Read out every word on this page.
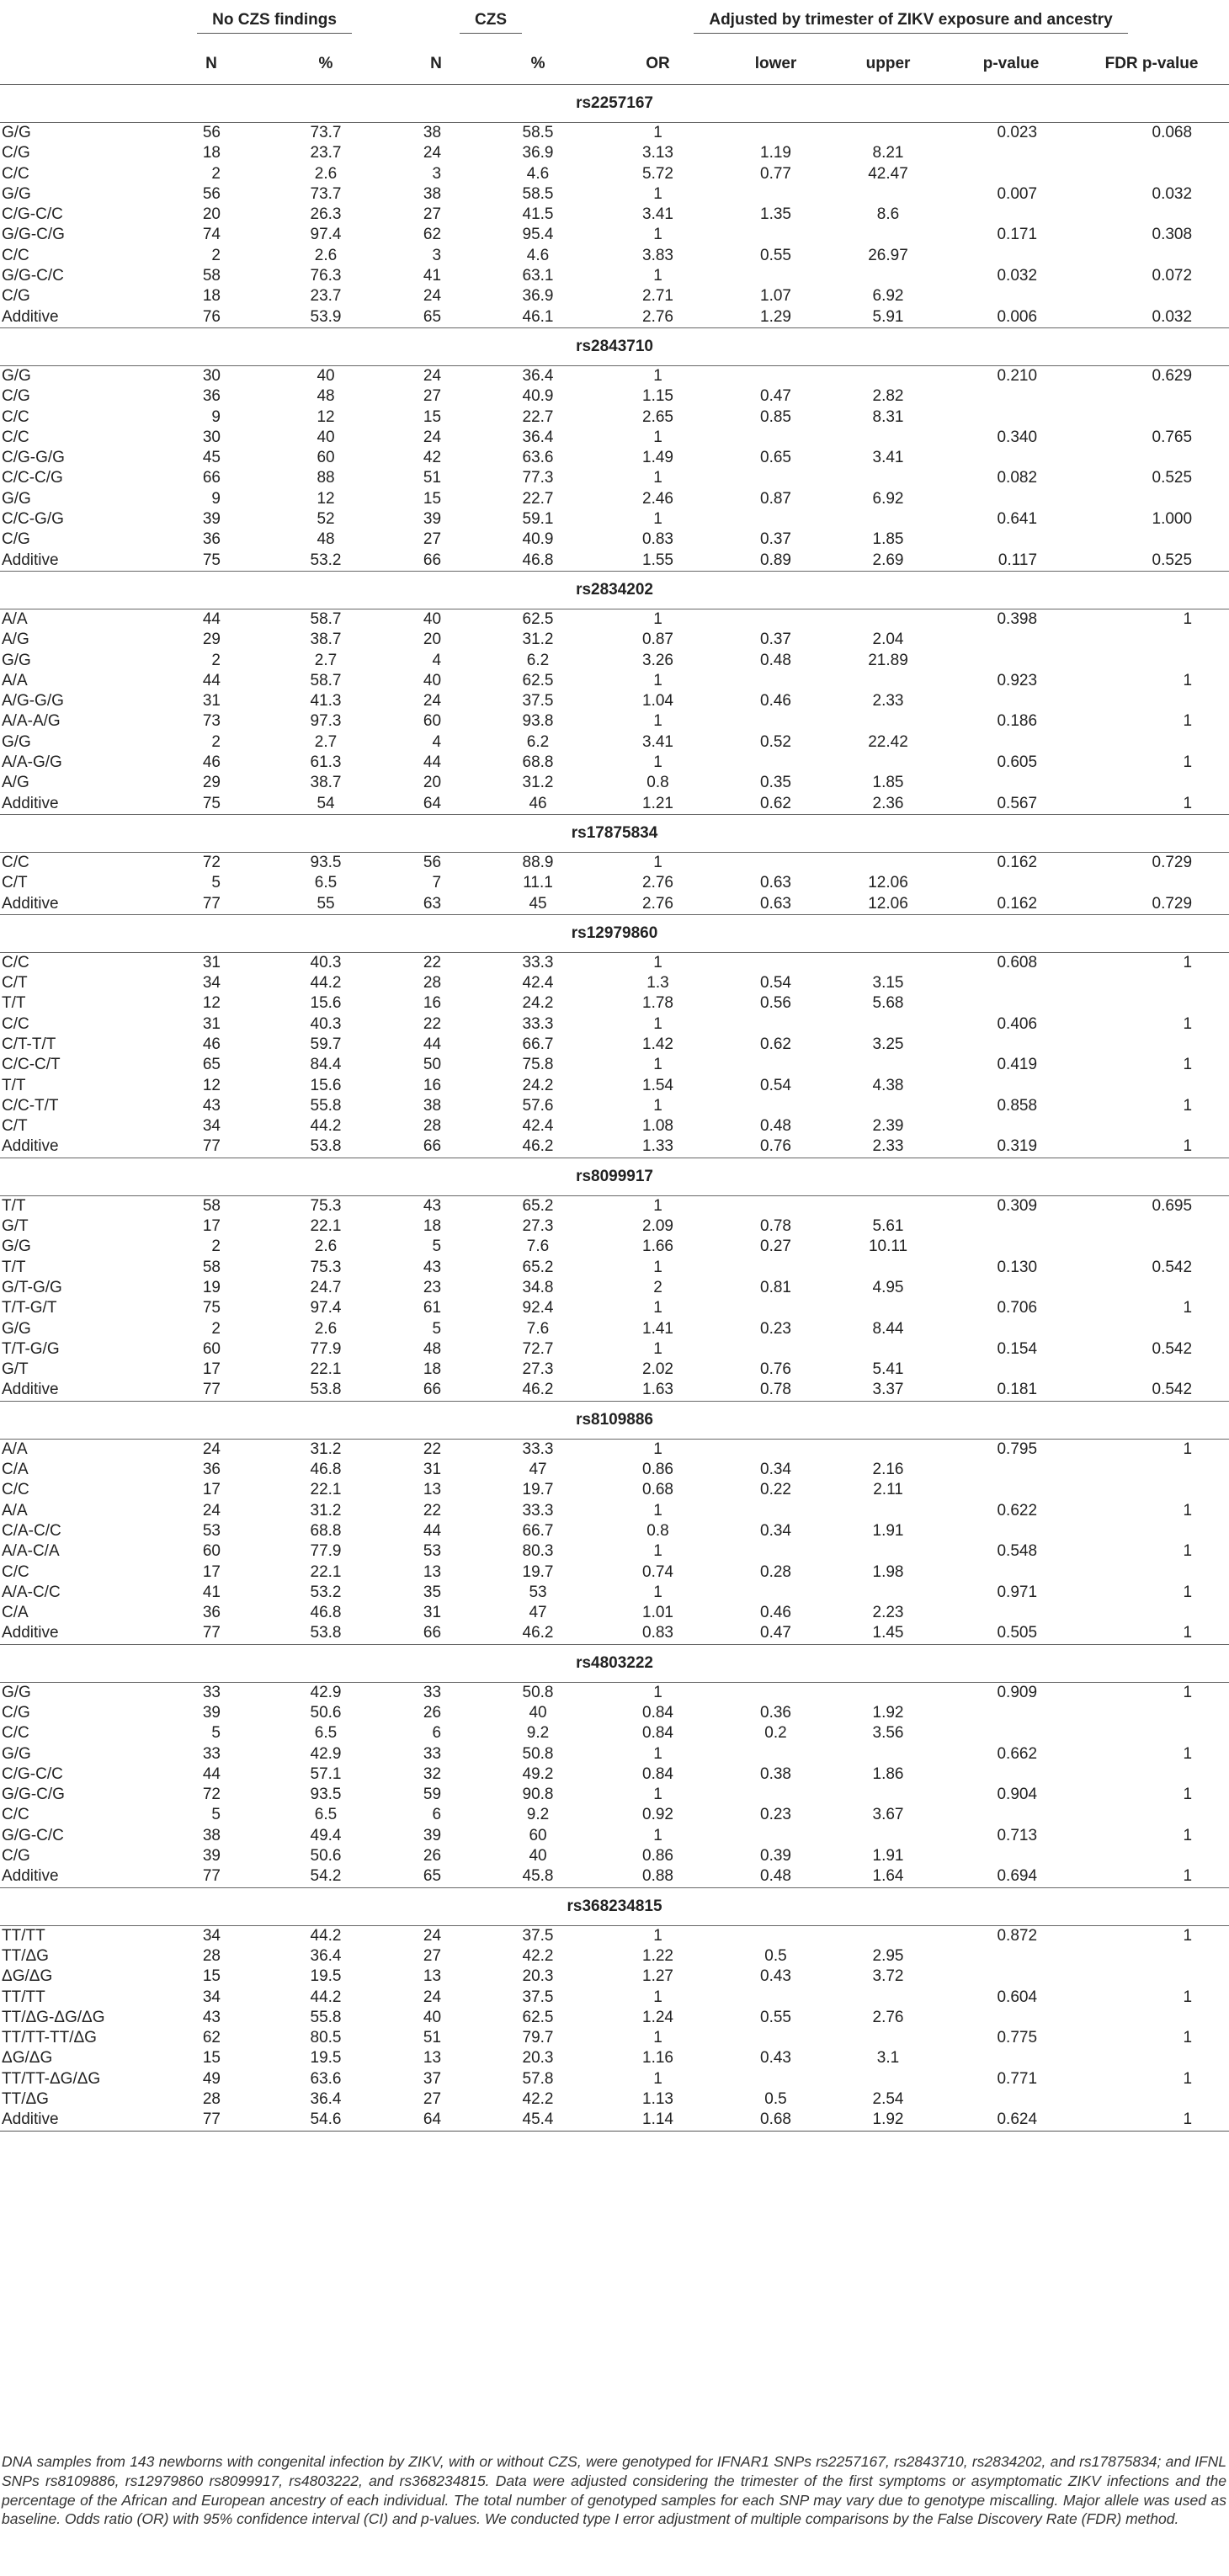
	No CZS findings		CZS		Adjusted by trimester of ZIKV exposure and ancestry				
	N	%	N	%	OR	lower	upper	p-value	FDR p-value
rs2257167									
G/G	56	73.7	38	58.5	1			0.023	0.068
C/G	18	23.7	24	36.9	3.13	1.19	8.21		
C/C	2	2.6	3	4.6	5.72	0.77	42.47		
G/G	56	73.7	38	58.5	1			0.007	0.032
C/G-C/C	20	26.3	27	41.5	3.41	1.35	8.6		
G/G-C/G	74	97.4	62	95.4	1			0.171	0.308
C/C	2	2.6	3	4.6	3.83	0.55	26.97		
G/G-C/C	58	76.3	41	63.1	1			0.032	0.072
C/G	18	23.7	24	36.9	2.71	1.07	6.92		
Additive	76	53.9	65	46.1	2.76	1.29	5.91	0.006	0.032
rs2843710									
G/G	30	40	24	36.4	1			0.210	0.629
C/G	36	48	27	40.9	1.15	0.47	2.82		
C/C	9	12	15	22.7	2.65	0.85	8.31		
C/C	30	40	24	36.4	1			0.340	0.765
C/G-G/G	45	60	42	63.6	1.49	0.65	3.41		
C/C-C/G	66	88	51	77.3	1			0.082	0.525
G/G	9	12	15	22.7	2.46	0.87	6.92		
C/C-G/G	39	52	39	59.1	1			0.641	1.000
C/G	36	48	27	40.9	0.83	0.37	1.85		
Additive	75	53.2	66	46.8	1.55	0.89	2.69	0.117	0.525
rs2834202									
A/A	44	58.7	40	62.5	1			0.398	1
A/G	29	38.7	20	31.2	0.87	0.37	2.04		
G/G	2	2.7	4	6.2	3.26	0.48	21.89		
A/A	44	58.7	40	62.5	1			0.923	1
A/G-G/G	31	41.3	24	37.5	1.04	0.46	2.33		
A/A-A/G	73	97.3	60	93.8	1			0.186	1
G/G	2	2.7	4	6.2	3.41	0.52	22.42		
A/A-G/G	46	61.3	44	68.8	1			0.605	1
A/G	29	38.7	20	31.2	0.8	0.35	1.85		
Additive	75	54	64	46	1.21	0.62	2.36	0.567	1
rs17875834									
C/C	72	93.5	56	88.9	1			0.162	0.729
C/T	5	6.5	7	11.1	2.76	0.63	12.06		
Additive	77	55	63	45	2.76	0.63	12.06	0.162	0.729
rs12979860									
C/C	31	40.3	22	33.3	1			0.608	1
C/T	34	44.2	28	42.4	1.3	0.54	3.15		
T/T	12	15.6	16	24.2	1.78	0.56	5.68		
C/C	31	40.3	22	33.3	1			0.406	1
C/T-T/T	46	59.7	44	66.7	1.42	0.62	3.25		
C/C-C/T	65	84.4	50	75.8	1			0.419	1
T/T	12	15.6	16	24.2	1.54	0.54	4.38		
C/C-T/T	43	55.8	38	57.6	1			0.858	1
C/T	34	44.2	28	42.4	1.08	0.48	2.39		
Additive	77	53.8	66	46.2	1.33	0.76	2.33	0.319	1
rs8099917									
T/T	58	75.3	43	65.2	1			0.309	0.695
G/T	17	22.1	18	27.3	2.09	0.78	5.61		
G/G	2	2.6	5	7.6	1.66	0.27	10.11		
T/T	58	75.3	43	65.2	1			0.130	0.542
G/T-G/G	19	24.7	23	34.8	2	0.81	4.95		
T/T-G/T	75	97.4	61	92.4	1			0.706	1
G/G	2	2.6	5	7.6	1.41	0.23	8.44		
T/T-G/G	60	77.9	48	72.7	1			0.154	0.542
G/T	17	22.1	18	27.3	2.02	0.76	5.41		
Additive	77	53.8	66	46.2	1.63	0.78	3.37	0.181	0.542
rs8109886									
A/A	24	31.2	22	33.3	1			0.795	1
C/A	36	46.8	31	47	0.86	0.34	2.16		
C/C	17	22.1	13	19.7	0.68	0.22	2.11		
A/A	24	31.2	22	33.3	1			0.622	1
C/A-C/C	53	68.8	44	66.7	0.8	0.34	1.91		
A/A-C/A	60	77.9	53	80.3	1			0.548	1
C/C	17	22.1	13	19.7	0.74	0.28	1.98		
A/A-C/C	41	53.2	35	53	1			0.971	1
C/A	36	46.8	31	47	1.01	0.46	2.23		
Additive	77	53.8	66	46.2	0.83	0.47	1.45	0.505	1
rs4803222									
G/G	33	42.9	33	50.8	1			0.909	1
C/G	39	50.6	26	40	0.84	0.36	1.92		
C/C	5	6.5	6	9.2	0.84	0.2	3.56		
G/G	33	42.9	33	50.8	1			0.662	1
C/G-C/C	44	57.1	32	49.2	0.84	0.38	1.86		
G/G-C/G	72	93.5	59	90.8	1			0.904	1
C/C	5	6.5	6	9.2	0.92	0.23	3.67		
G/G-C/C	38	49.4	39	60	1			0.713	1
C/G	39	50.6	26	40	0.86	0.39	1.91		
Additive	77	54.2	65	45.8	0.88	0.48	1.64	0.694	1
rs368234815									
TT/TT	34	44.2	24	37.5	1			0.872	1
TT/ΔG	28	36.4	27	42.2	1.22	0.5	2.95		
ΔG/ΔG	15	19.5	13	20.3	1.27	0.43	3.72		
TT/TT	34	44.2	24	37.5	1			0.604	1
TT/ΔG-ΔG/ΔG	43	55.8	40	62.5	1.24	0.55	2.76		
TT/TT-TT/ΔG	62	80.5	51	79.7	1			0.775	1
ΔG/ΔG	15	19.5	13	20.3	1.16	0.43	3.1		
TT/TT-ΔG/ΔG	49	63.6	37	57.8	1			0.771	1
TT/ΔG	28	36.4	27	42.2	1.13	0.5	2.54		
Additive	77	54.6	64	45.4	1.14	0.68	1.92	0.624	1
DNA samples from 143 newborns with congenital infection by ZIKV, with or without CZS, were genotyped for IFNAR1 SNPs rs2257167, rs2843710, rs2834202, and rs17875834; and IFNL SNPs rs8109886, rs12979860 rs8099917, rs4803222, and rs368234815. Data were adjusted considering the trimester of the first symptoms or asymptomatic ZIKV infections and the percentage of the African and European ancestry of each individual. The total number of genotyped samples for each SNP may vary due to genotype miscalling. Major allele was used as baseline. Odds ratio (OR) with 95% confidence interval (CI) and p-values. We conducted type I error adjustment of multiple comparisons by the False Discovery Rate (FDR) method.
